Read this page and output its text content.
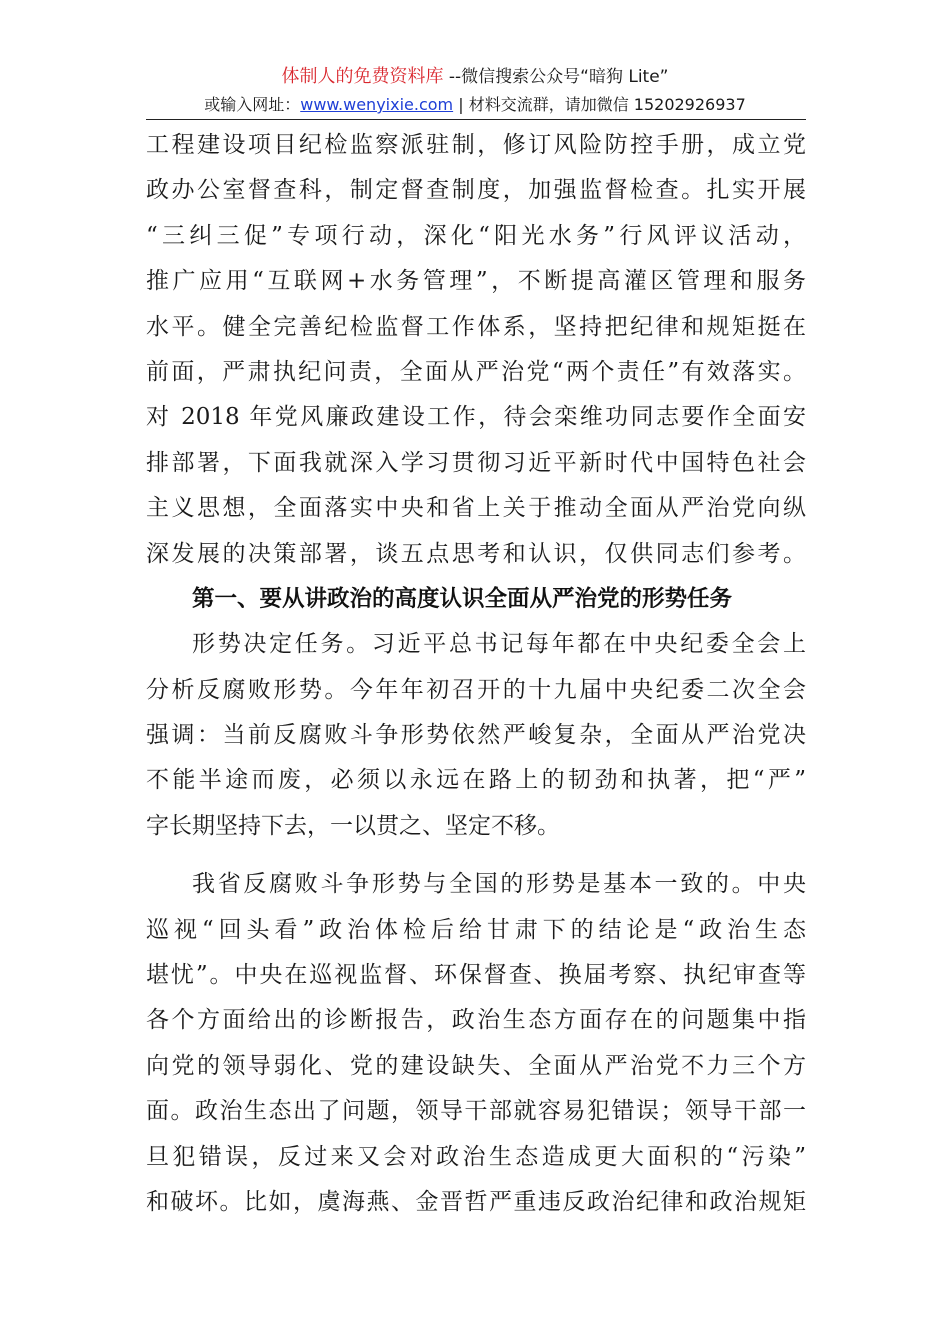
体制人的免费资料库 --微信搜索公众号“暗狗 Lite”
或输入网址：www.wenyixie.com | 材料交流群，请加微信 15202926937
工程建设项目纪检监察派驻制，修订风险防控手册，成立党
政办公室督查科，制定督查制度，加强监督检查。扎实开展
“三纠三促”专项行动，深化“阳光水务”行风评议活动，
推广应用“互联网+水务管理”，不断提高灌区管理和服务
水平。健全完善纪检监督工作体系，坚持把纪律和规矩挺在
前面，严肃执纪问责，全面从严治党“两个责任”有效落实。
对 2018 年党风廉政建设工作，待会栾维功同志要作全面安
排部署，下面我就深入学习贯彻习近平新时代中国特色社会
主义思想，全面落实中央和省上关于推动全面从严治党向纵
深发展的决策部署，谈五点思考和认识，仅供同志们参考。
第一、要从讲政治的高度认识全面从严治党的形势任务
形势决定任务。习近平总书记每年都在中央纪委全会上
分析反腐败形势。今年年初召开的十九届中央纪委二次全会
强调：当前反腐败斗争形势依然严峻复杂，全面从严治党决
不能半途而废，必须以永远在路上的韧劲和执著，把“严”
字长期坚持下去，一以贯之、坚定不移。
我省反腐败斗争形势与全国的形势是基本一致的。中央
巡视“回头看”政治体检后给甘肃下的结论是“政治生态
堪忧”。中央在巡视监督、环保督查、换届考察、执纪审查等
各个方面给出的诊断报告，政治生态方面存在的问题集中指
向党的领导弱化、党的建设缺失、全面从严治党不力三个方
面。政治生态出了问题，领导干部就容易犯错误；领导干部一
旦犯错误，反过来又会对政治生态造成更大面积的“污染”
和破坏。比如，虞海燕、金晋哲严重违反政治纪律和政治规矩
